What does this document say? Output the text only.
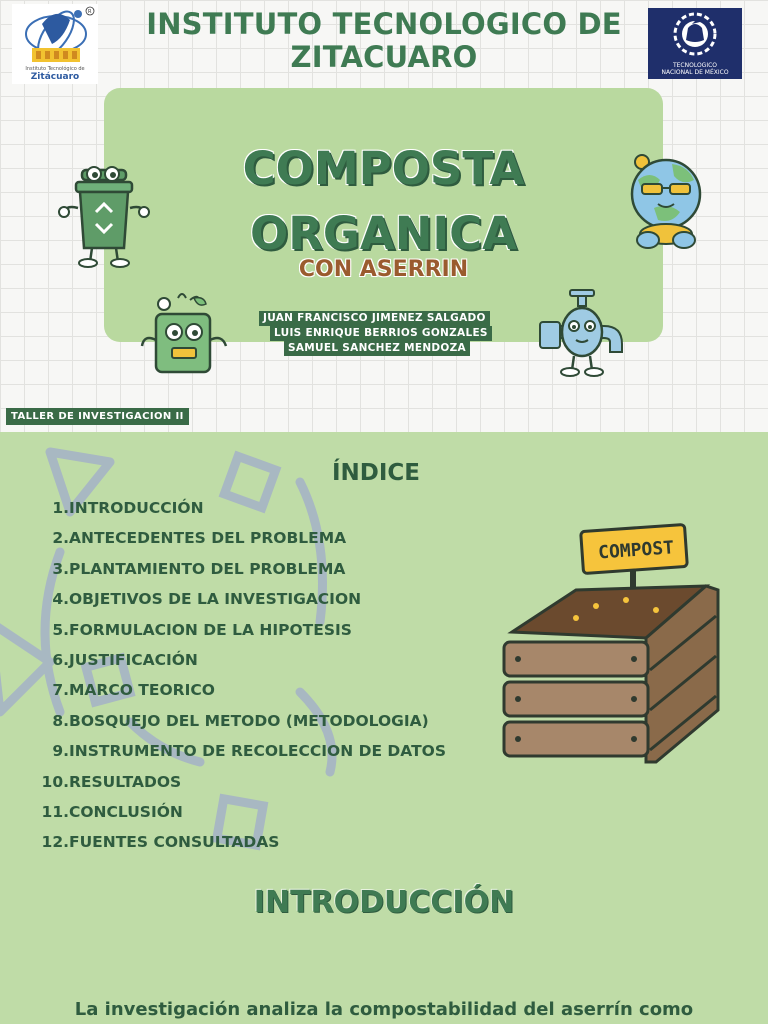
R
Instituto Tecnológico de
Zitácuaro
INSTITUTO TECNOLOGICO DE
ZITACUARO	TECNOLOGICO
NACIONAL DE MÉXICO
COMPOSTA
ORGANICA
CON ASERRIN
JUAN FRANCISCO JIMENEZ SALGADO
LUIS ENRIQUE BERRIOS GONZALES
SAMUEL SANCHEZ MENDOZA
TALLER DE INVESTIGACION II
ÍNDICE
1.INTRODUCCIÓN
2.ANTECEDENTES DEL PROBLEMA
3.PLANTAMIENTO DEL PROBLEMA
4.OBJETIVOS DE LA INVESTIGACION
5.FORMULACION DE LA HIPOTESIS
6.JUSTIFICACIÓN
7.MARCO TEORICO
8.BOSQUEJO DEL METODO (METODOLOGIA)
9.INSTRUMENTO DE RECOLECCION DE DATOS
10.RESULTADOS
11.CONCLUSIÓN
12.FUENTES CONSULTADAS
COMPOST
INTRODUCCIÓN
La investigación analiza la compostabilidad del aserrín como
